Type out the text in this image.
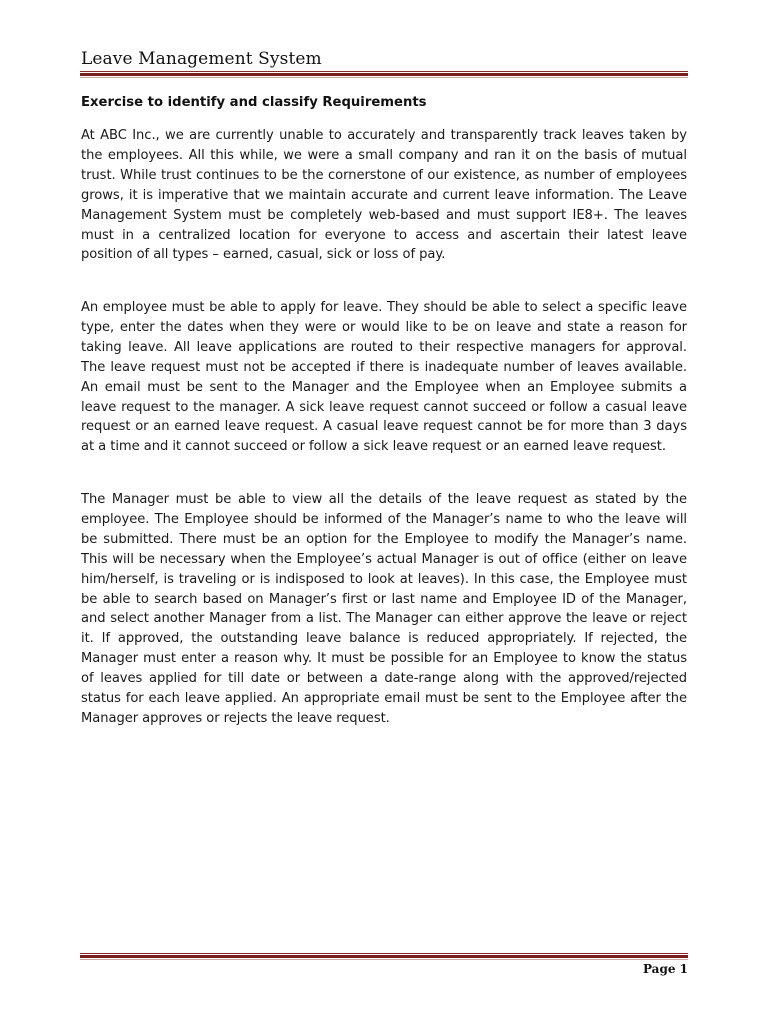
Leave Management System
Exercise to identify and classify Requirements

At ABC Inc., we are currently unable to accurately and transparently track leaves taken by the employees. All this while, we were a small company and ran it on the basis of mutual trust. While trust continues to be the cornerstone of our existence, as number of employees grows, it is imperative that we maintain accurate and current leave information. The Leave Management System must be completely web-based and must support IE8+. The leaves must in a centralized location for everyone to access and ascertain their latest leave position of all types – earned, casual, sick or loss of pay.

An employee must be able to apply for leave. They should be able to select a specific leave type, enter the dates when they were or would like to be on leave and state a reason for taking leave. All leave applications are routed to their respective managers for approval. The leave request must not be accepted if there is inadequate number of leaves available. An email must be sent to the Manager and the Employee when an Employee submits a leave request to the manager. A sick leave request cannot succeed or follow a casual leave request or an earned leave request. A casual leave request cannot be for more than 3 days at a time and it cannot succeed or follow a sick leave request or an earned leave request.

The Manager must be able to view all the details of the leave request as stated by the employee. The Employee should be informed of the Manager’s name to who the leave will be submitted. There must be an option for the Employee to modify the Manager’s name. This will be necessary when the Employee’s actual Manager is out of office (either on leave him/herself, is traveling or is indisposed to look at leaves). In this case, the Employee must be able to search based on Manager’s first or last name and Employee ID of the Manager, and select another Manager from a list. The Manager can either approve the leave or reject it. If approved, the outstanding leave balance is reduced appropriately. If rejected, the Manager must enter a reason why. It must be possible for an Employee to know the status of leaves applied for till date or between a date-range along with the approved/rejected status for each leave applied. An appropriate email must be sent to the Employee after the Manager approves or rejects the leave request.

Page 1
